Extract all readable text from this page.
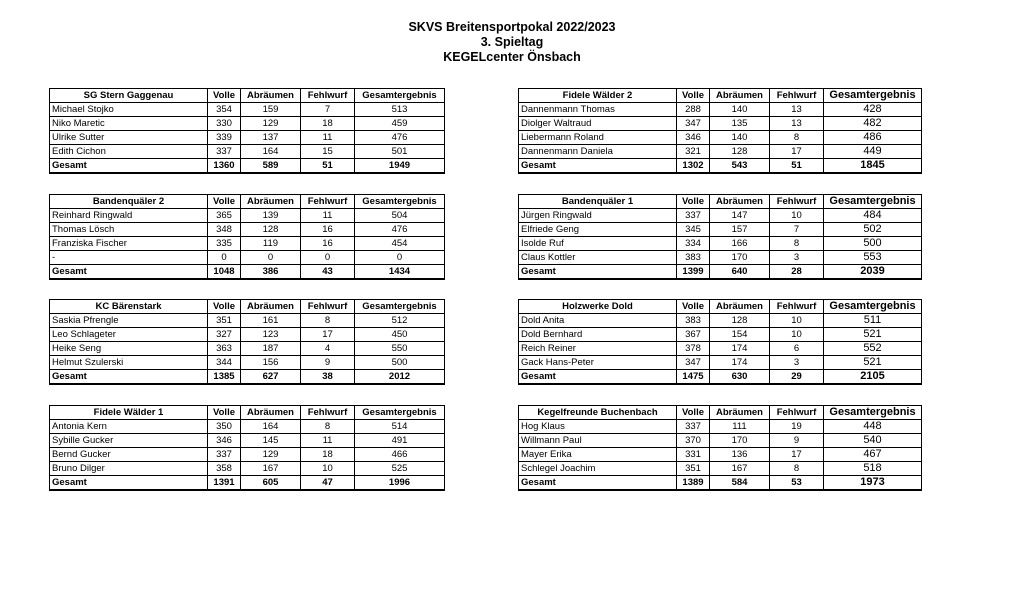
SKVS Breitensportpokal 2022/2023
3. Spieltag
KEGELcenter Önsbach
SG Stern Gaggenau	Volle	Abräumen	Fehlwurf	Gesamtergebnis
Michael Stojko	354	159	7	513
Niko Maretic	330	129	18	459
Ulrike Sutter	339	137	11	476
Edith Cichon	337	164	15	501
Gesamt	1360	589	51	1949
Fidele Wälder 2	Volle	Abräumen	Fehlwurf	Gesamtergebnis
Dannenmann Thomas	288	140	13	428
Diolger Waltraud	347	135	13	482
Liebermann Roland	346	140	8	486
Dannenmann Daniela	321	128	17	449
Gesamt	1302	543	51	1845
Bandenquäler 2	Volle	Abräumen	Fehlwurf	Gesamtergebnis
Reinhard Ringwald	365	139	11	504
Thomas Lösch	348	128	16	476
Franziska Fischer	335	119	16	454
-	0	0	0	0
Gesamt	1048	386	43	1434
Bandenquäler 1	Volle	Abräumen	Fehlwurf	Gesamtergebnis
Jürgen Ringwald	337	147	10	484
Elfriede Geng	345	157	7	502
Isolde Ruf	334	166	8	500
Claus Kottler	383	170	3	553
Gesamt	1399	640	28	2039
KC Bärenstark	Volle	Abräumen	Fehlwurf	Gesamtergebnis
Saskia Pfrengle	351	161	8	512
Leo Schlageter	327	123	17	450
Heike Seng	363	187	4	550
Helmut Szulerski	344	156	9	500
Gesamt	1385	627	38	2012
Holzwerke Dold	Volle	Abräumen	Fehlwurf	Gesamtergebnis
Dold Anita	383	128	10	511
Dold Bernhard	367	154	10	521
Reich Reiner	378	174	6	552
Gack Hans-Peter	347	174	3	521
Gesamt	1475	630	29	2105
Fidele Wälder 1	Volle	Abräumen	Fehlwurf	Gesamtergebnis
Antonia Kern	350	164	8	514
Sybille Gucker	346	145	11	491
Bernd Gucker	337	129	18	466
Bruno Dilger	358	167	10	525
Gesamt	1391	605	47	1996
Kegelfreunde Buchenbach	Volle	Abräumen	Fehlwurf	Gesamtergebnis
Hog Klaus	337	111	19	448
Willmann Paul	370	170	9	540
Mayer Erika	331	136	17	467
Schlegel Joachim	351	167	8	518
Gesamt	1389	584	53	1973
